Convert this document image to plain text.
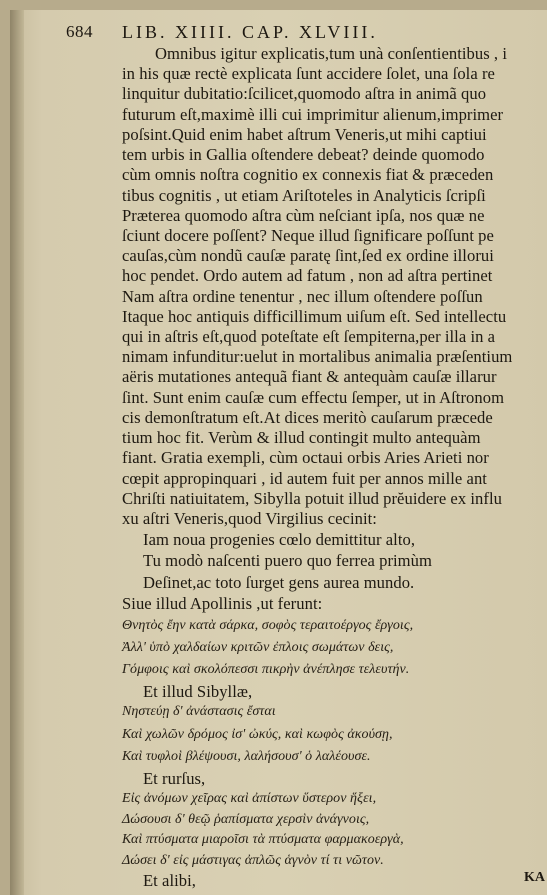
684 LIB. XIIII. CAP. XLVIII.
Omnibus igitur explicatis,tum unà conſentientibus , i
in his quæ rectè explicata ſunt accidere ſolet, una ſola re
linquitur dubitatio:ſcilicet,quomodo aſtra in animã quo
futurum eſt,maximè illi cui imprimitur alienum,imprimer
poſsint.Quid enim habet aſtrum Veneris,ut mihi captiui
tem urbis in Gallia oſtendere debeat? deinde quomodo
cùm omnis noſtra cognitio ex connexis fiat & præceden
tibus cognitis , ut etiam Ariſtoteles in Analyticis ſcripſi
Præterea quomodo aſtra cùm neſciant ipſa, nos quæ ne
ſciunt docere poſſent? Neque illud ſignificare poſſunt pe
cauſas,cùm nondũ cauſæ paratę ſint,ſed ex ordine illorui
hoc pendet. Ordo autem ad fatum , non ad aſtra pertinet
Nam aſtra ordine tenentur , nec illum oſtendere poſſun
Itaque hoc antiquis difficillimum uiſum eſt. Sed intellectu
qui in aſtris eſt,quod poteſtate eſt ſempiterna,per illa in a
nimam infunditur:uelut in mortalibus animalia præſentium
aëris mutationes antequã fiant & antequàm cauſæ illarur
ſint. Sunt enim cauſæ cum effectu ſemper, ut in Aſtronom
cis demonſtratum eſt.At dices meritò cauſarum præcede
tium hoc fit. Verùm & illud contingit multo antequàm
fiant. Gratia exempli, cùm octaui orbis Aries Arieti nor
cœpit appropinquari , id autem fuit per annos mille ant
Chriſti natiuitatem, Sibylla potuit illud prĕuidere ex influ
xu aſtri Veneris,quod Virgilius cecinit:
Iam noua progenies cœlo demittitur alto,
Tu modò naſcenti puero quo ferrea primùm
Deſinet,ac toto ſurget gens aurea mundo.
Siue illud Apollinis ,ut ferunt:
Θνητὸς ἔην κατὰ σάρκα, σοφὸς τεραιτοέργος ἔργοις,
Ἀλλ' ὑπὸ χαλδαίων κριτῶν ἐπλοις σωμάτων δεις,
Γόμφοις καὶ σκολόπεσσι πικρὴν ἀνέπλησε τελευτήν.
Et illud Sibyllæ,
Νηστεύῃ δ' ἀνάστασις ἔσται
Καὶ χωλῶν δρόμος ἰσ' ὠκύς, καὶ κωφὸς ἀκούσῃ,
Καὶ τυφλοὶ βλέψουσι, λαλήσουσ' ὁ λαλέουσε.
Et rurſus,
Εἰς ἀνόμων χεῖρας καὶ ἀπίστων ὕστερον ἥξει,
Δώσουσι δ' θεῷ ῥαπίσματα χερσὶν ἀνάγνοις,
Καὶ πτύσματα μιαροῖσι τὰ πτύσματα φαρμακοεργὰ,
Δώσει δ' εἰς μάστιγας ἀπλῶς ἁγνὸν τί τι νῶτον.
Et alibi,	KA
